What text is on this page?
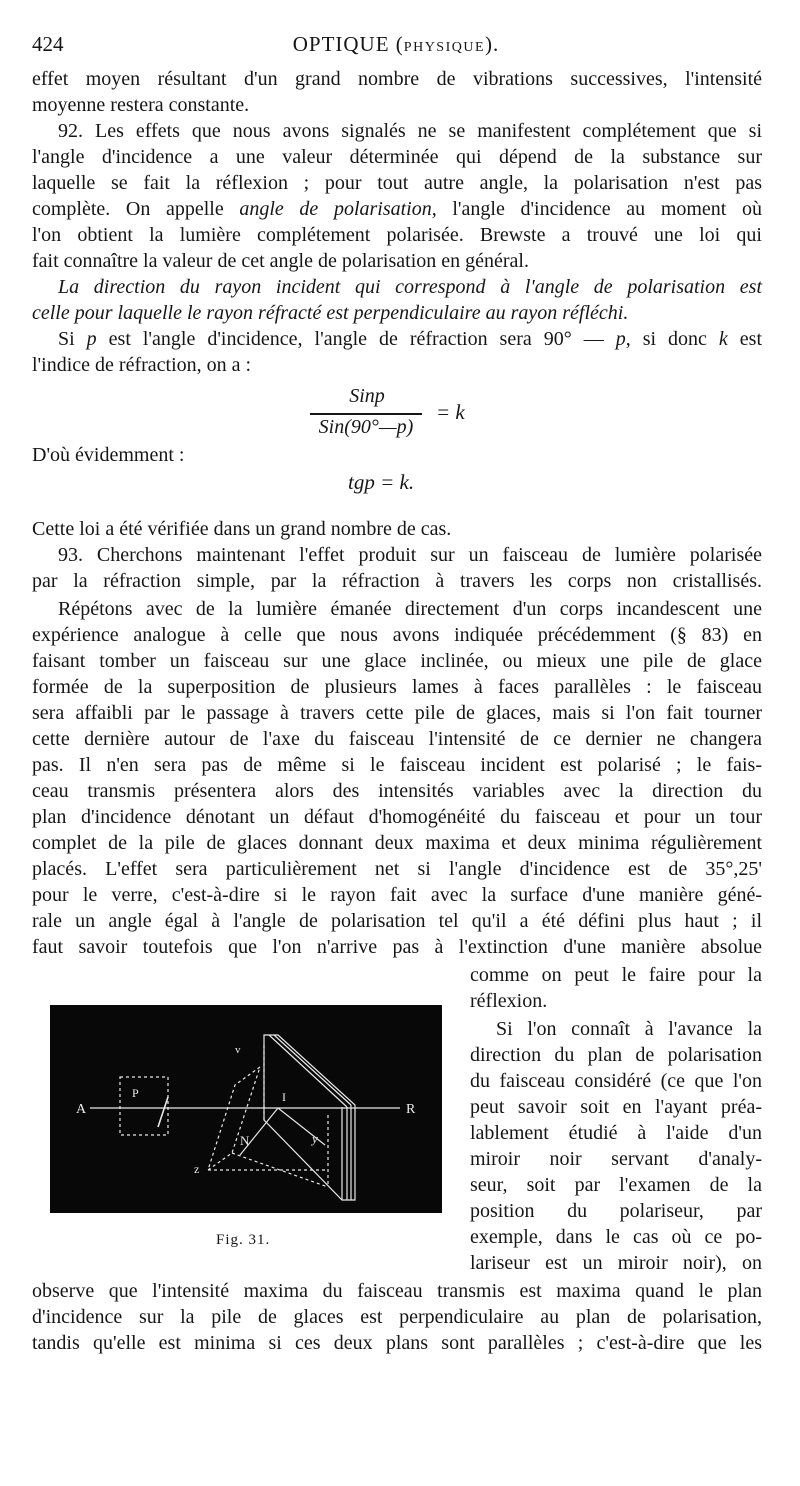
424	OPTIQUE (PHYSIQUE).
effet moyen résultant d'un grand nombre de vibrations successives, l'intensité
moyenne restera constante.
92. Les effets que nous avons signalés ne se manifestent complétement que si
l'angle d'incidence a une valeur déterminée qui dépend de la substance sur
laquelle se fait la réflexion ; pour tout autre angle, la polarisation n'est pas
complète. On appelle angle de polarisation, l'angle d'incidence au moment où
l'on obtient la lumière complétement polarisée. Brewste a trouvé une loi qui
fait connaître la valeur de cet angle de polarisation en général.
La direction du rayon incident qui correspond à l'angle de polarisation est
celle pour laquelle le rayon réfracté est perpendiculaire au rayon réfléchi.
Si p est l'angle d'incidence, l'angle de réfraction sera 90° — p, si donc k est
l'indice de réfraction, on a :
Sinp
Sin(90°—p)
= k
D'où évidemment :
tgp = k.
Cette loi a été vérifiée dans un grand nombre de cas.
93. Cherchons maintenant l'effet produit sur un faisceau de lumière polarisée
par la réfraction simple, par la réfraction à travers les corps non cristallisés.
Répétons avec de la lumière émanée directement d'un corps incandescent une
expérience analogue à celle que nous avons indiquée précédemment (§ 83) en
faisant tomber un faisceau sur une glace inclinée, ou mieux une pile de glace
formée de la superposition de plusieurs lames à faces parallèles : le faisceau
sera affaibli par le passage à travers cette pile de glaces, mais si l'on fait tourner
cette dernière autour de l'axe du faisceau l'intensité de ce dernier ne changera
pas. Il n'en sera pas de même si le faisceau incident est polarisé ; le fais-
ceau transmis présentera alors des intensités variables avec la direction du
plan d'incidence dénotant un défaut d'homogénéité du faisceau et pour un tour
complet de la pile de glaces donnant deux maxima et deux minima régulièrement
placés. L'effet sera particulièrement net si l'angle d'incidence est de 35°,25'
pour le verre, c'est-à-dire si le rayon fait avec la surface d'une manière géné-
rale un angle égal à l'angle de polarisation tel qu'il a été défini plus haut ; il
faut savoir toutefois que l'on n'arrive pas à l'extinction d'une manière absolue
comme on peut le faire pour la
réflexion.
Si l'on connaît à l'avance la
direction du plan de polarisation
du faisceau considéré (ce que l'on
peut savoir soit en l'ayant préa-
lablement étudié à l'aide d'un
miroir noir servant d'analy-
seur, soit par l'examen de la
position du polariseur, par
exemple, dans le cas où ce po-
lariseur est un miroir noir), on
observe que l'intensité maxima du faisceau transmis est maxima quand le plan
d'incidence sur la pile de glaces est perpendiculaire au plan de polarisation,
tandis qu'elle est minima si ces deux plans sont parallèles ; c'est-à-dire que les
A	R
P	I
N	y
z
v
Fig. 31.
